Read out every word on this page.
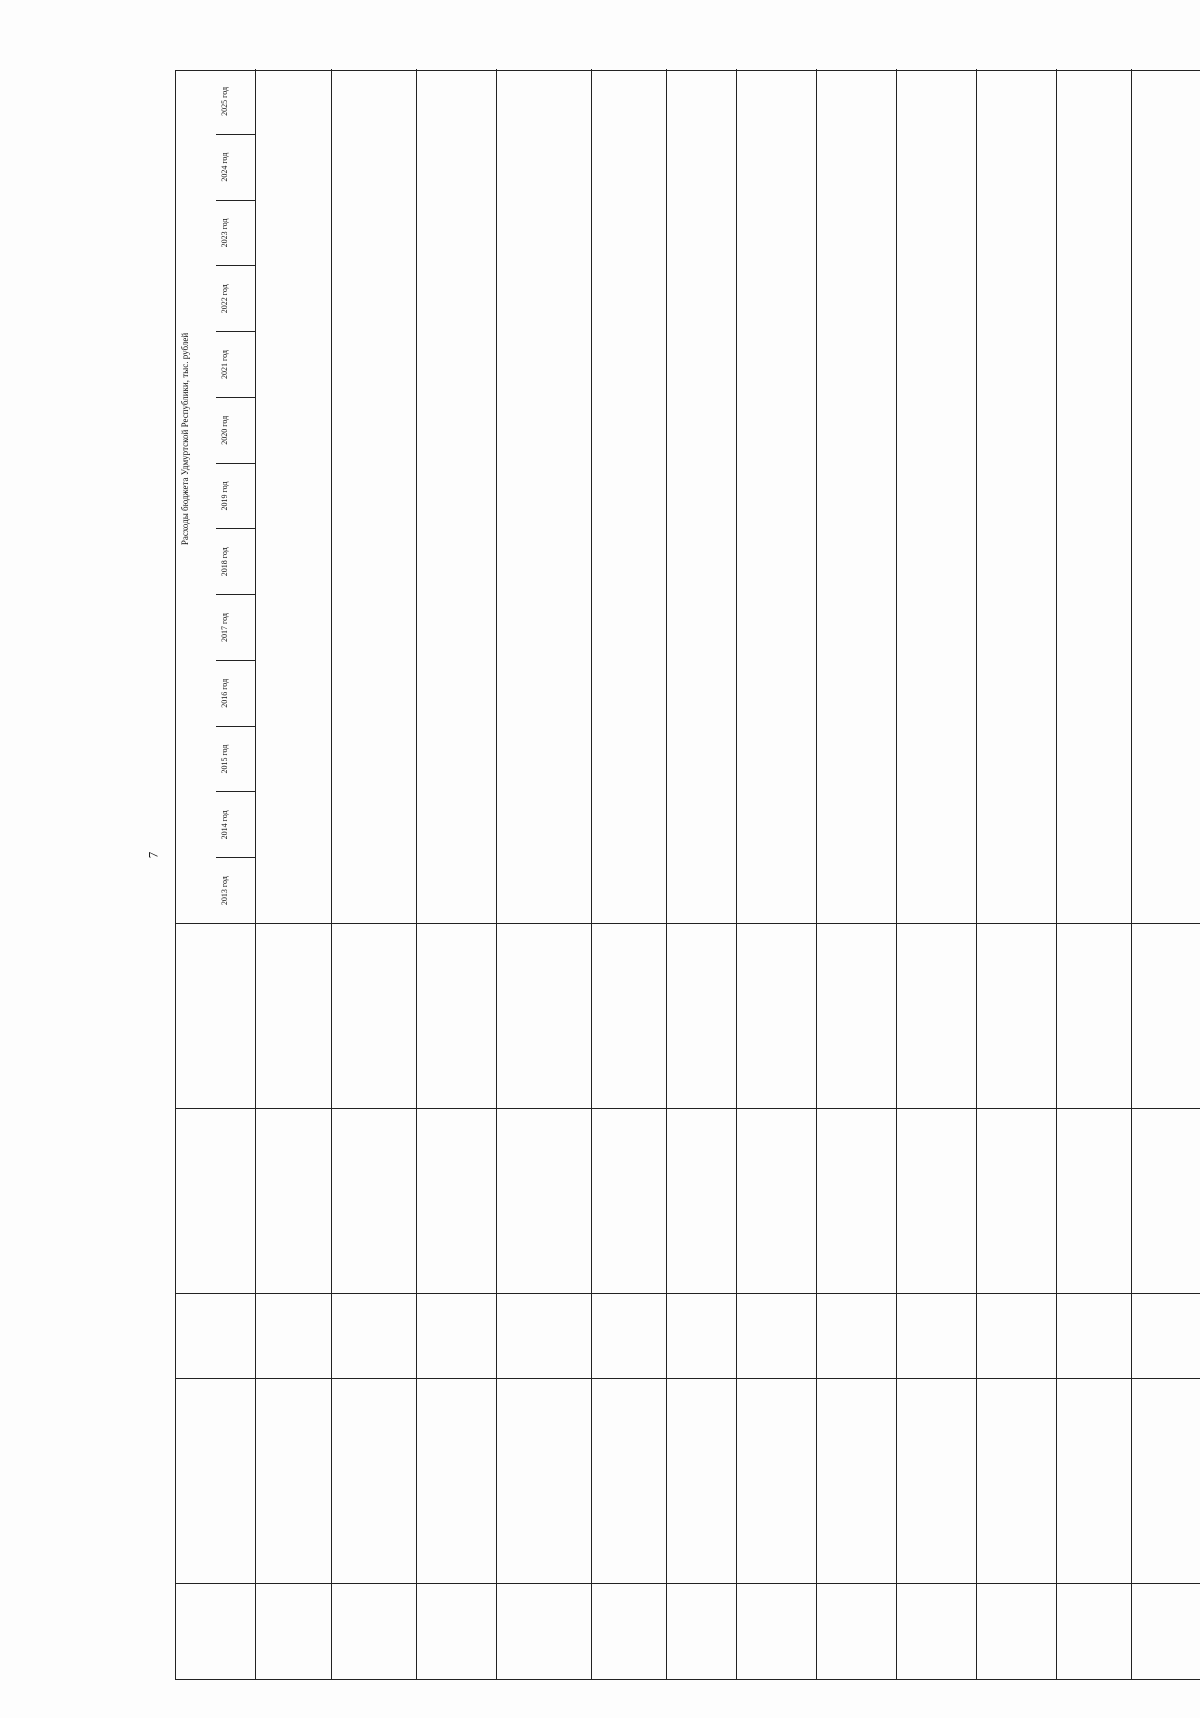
7
Расходы бюджета Удмуртской Республики, тыс. рублей
2013 год
2014 год
2015 год
2016 год
2017 год
2018 год
2019 год
2020 год
2021 год
2022 год
2023 год
2024 год
2025 год
